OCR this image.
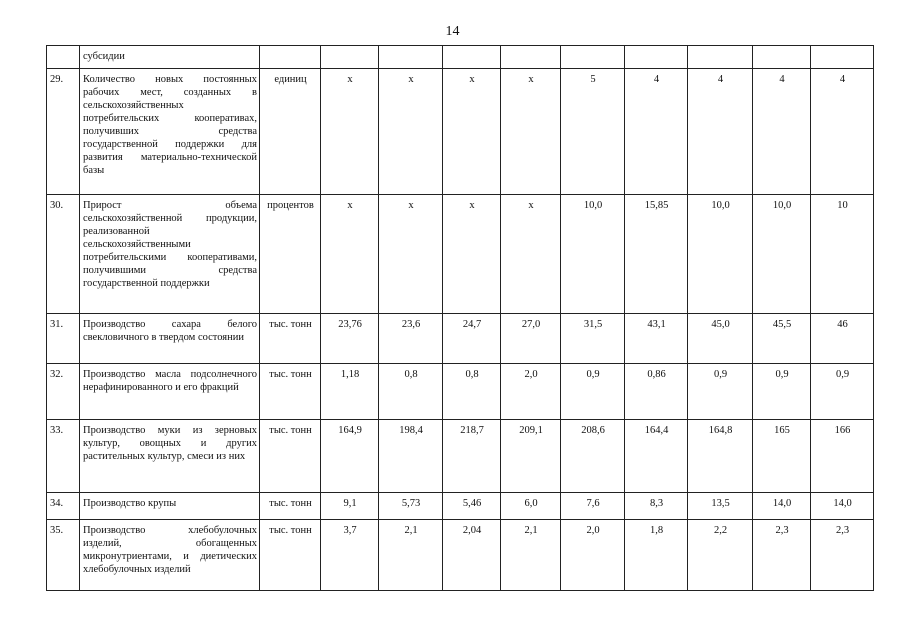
14
	субсидии										
29.	Количество новых постоянных рабочих мест, созданных в сельскохозяйственных потребительских кооперативах, получивших средства государственной поддержки для развития материально-технической базы	единиц	x	x	x	x	5	4	4	4	4
30.	Прирост объема сельскохозяйственной продукции, реализованной сельскохозяйственными потребительскими кооперативами, получившими средства государственной поддержки	процентов	x	x	x	x	10,0	15,85	10,0	10,0	10
31.	Производство сахара белого свекловичного в твердом состоянии	тыс. тонн	23,76	23,6	24,7	27,0	31,5	43,1	45,0	45,5	46
32.	Производство масла подсолнечного нерафинированного и его фракций	тыс. тонн	1,18	0,8	0,8	2,0	0,9	0,86	0,9	0,9	0,9
33.	Производство муки из зерновых культур, овощных и других растительных культур, смеси из них	тыс. тонн	164,9	198,4	218,7	209,1	208,6	164,4	164,8	165	166
34.	Производство крупы	тыс. тонн	9,1	5,73	5,46	6,0	7,6	8,3	13,5	14,0	14,0
35.	Производство хлебобулочных изделий, обогащенных микронутриентами, и диетических хлебобулочных изделий	тыс. тонн	3,7	2,1	2,04	2,1	2,0	1,8	2,2	2,3	2,3
